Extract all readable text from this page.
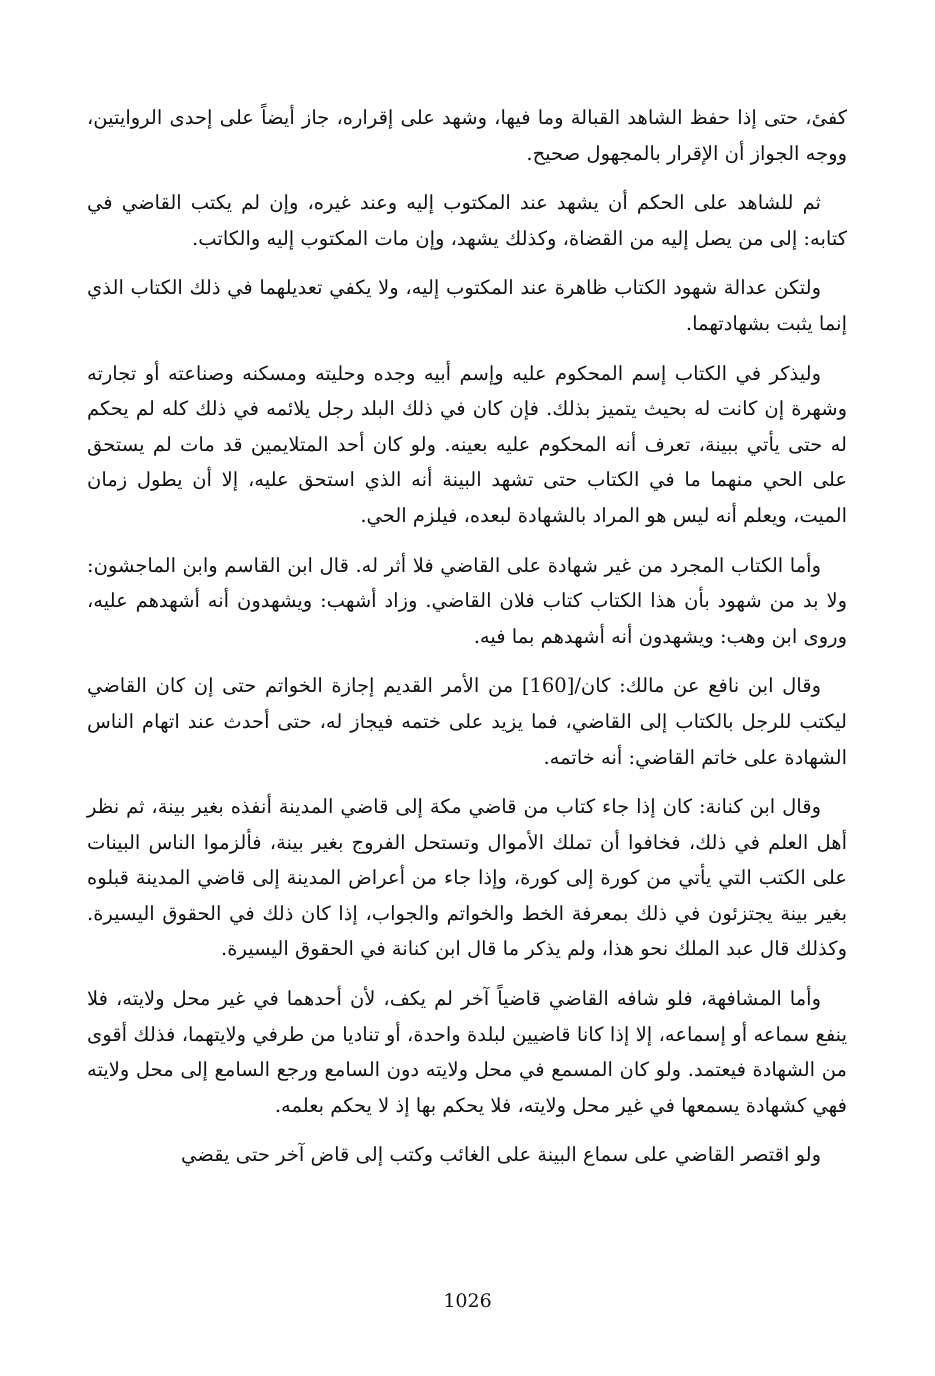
كفئ، حتى إذا حفظ الشاهد القبالة وما فيها، وشهد على إقراره، جاز أيضاً على إحدى الروايتين، ووجه الجواز أن الإقرار بالمجهول صحيح.

ثم للشاهد على الحكم أن يشهد عند المكتوب إليه وعند غيره، وإن لم يكتب القاضي في كتابه: إلى من يصل إليه من القضاة، وكذلك يشهد، وإن مات المكتوب إليه والكاتب.

ولتكن عدالة شهود الكتاب ظاهرة عند المكتوب إليه، ولا يكفي تعديلهما في ذلك الكتاب الذي إنما يثبت بشهادتهما.

وليذكر في الكتاب إسم المحكوم عليه وإسم أبيه وجده وحليته ومسكنه وصناعته أو تجارته وشهرة إن كانت له بحيث يتميز بذلك. فإن كان في ذلك البلد رجل يلائمه في ذلك كله لم يحكم له حتى يأتي ببينة، تعرف أنه المحكوم عليه بعينه. ولو كان أحد المتلايمين قد مات لم يستحق على الحي منهما ما في الكتاب حتى تشهد البينة أنه الذي استحق عليه، إلا أن يطول زمان الميت، ويعلم أنه ليس هو المراد بالشهادة لبعده، فيلزم الحي.

وأما الكتاب المجرد من غير شهادة على القاضي فلا أثر له. قال ابن القاسم وابن الماجشون: ولا بد من شهود بأن هذا الكتاب كتاب فلان القاضي. وزاد أشهب: ويشهدون أنه أشهدهم عليه، وروى ابن وهب: ويشهدون أنه أشهدهم بما فيه.

وقال ابن نافع عن مالك: كان/[160] من الأمر القديم إجازة الخواتم حتى إن كان القاضي ليكتب للرجل بالكتاب إلى القاضي، فما يزيد على ختمه فيجاز له، حتى أحدث عند اتهام الناس الشهادة على خاتم القاضي: أنه خاتمه.

وقال ابن كنانة: كان إذا جاء كتاب من قاضي مكة إلى قاضي المدينة أنفذه بغير بينة، ثم نظر أهل العلم في ذلك، فخافوا أن تملك الأموال وتستحل الفروج بغير بينة، فألزموا الناس البينات على الكتب التي يأتي من كورة إلى كورة، وإذا جاء من أعراض المدينة إلى قاضي المدينة قبلوه بغير بينة يجتزئون في ذلك بمعرفة الخط والخواتم والجواب، إذا كان ذلك في الحقوق اليسيرة. وكذلك قال عبد الملك نحو هذا، ولم يذكر ما قال ابن كنانة في الحقوق اليسيرة.

وأما المشافهة، فلو شافه القاضي قاضياً آخر لم يكف، لأن أحدهما في غير محل ولايته، فلا ينفع سماعه أو إسماعه، إلا إذا كانا قاضيين لبلدة واحدة، أو تناديا من طرفي ولايتهما، فذلك أقوى من الشهادة فيعتمد. ولو كان المسمع في محل ولايته دون السامع ورجع السامع إلى محل ولايته فهي كشهادة يسمعها في غير محل ولايته، فلا يحكم بها إذ لا يحكم بعلمه.

ولو اقتصر القاضي على سماع البينة على الغائب وكتب إلى قاض آخر حتى يقضي

1026
